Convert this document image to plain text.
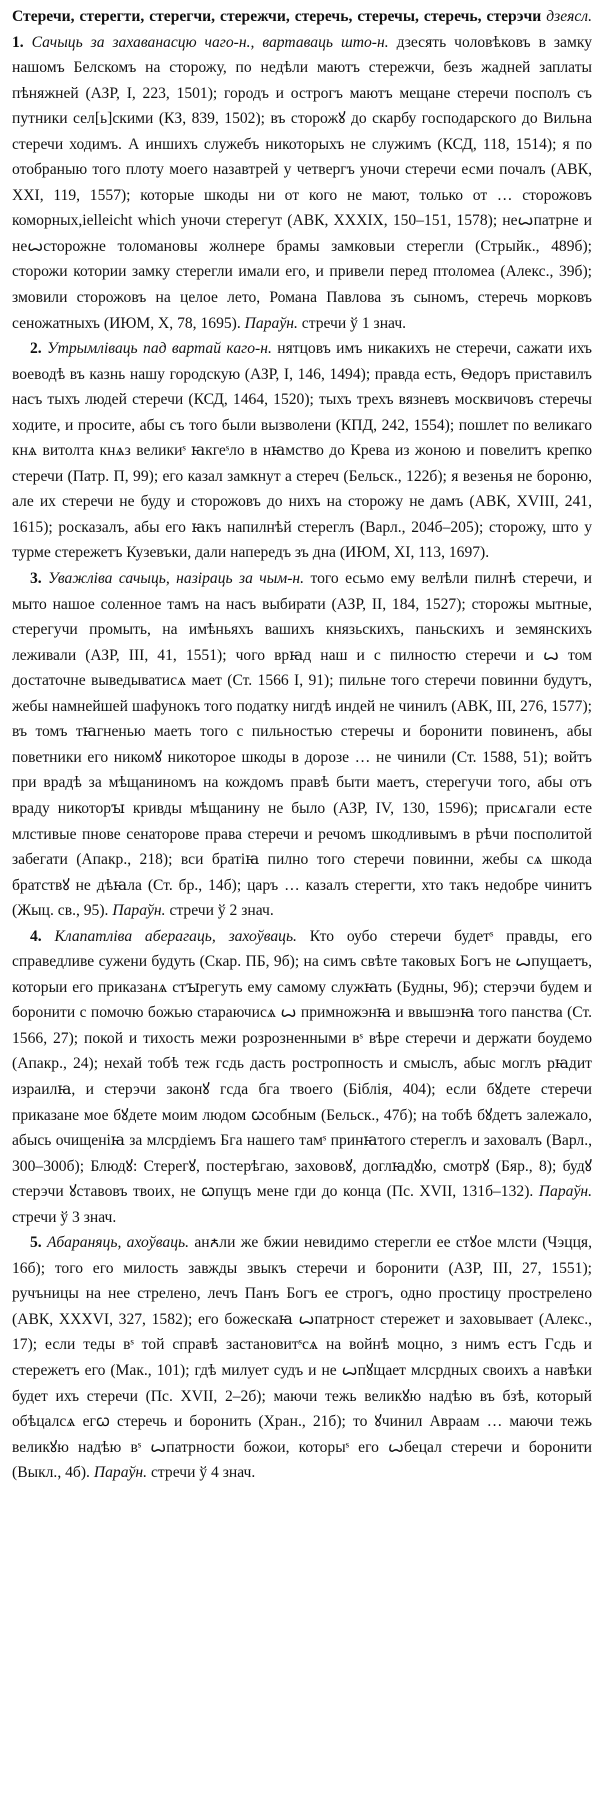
Стеречи, стерегти, стерегчи, стережчи, стеречь, стеречы, стеречь, стерэчи дзеясл. 1. Сачыць за захаванасцю чаго-н., вартаваць што-н. дзесять чоловѣковъ в замку нашомъ Белскомъ на сторожу, по недѣли маютъ стережчи, безъ жадней заплаты пѣняжней (АЗР, I, 223, 1501); городъ и острогъ маютъ мещане стеречи посполъ съ путники сел[ь]скими (КЗ, 839, 1502); въ сторожꙋ до скарбу господарского до Вильна стеречи ходимъ. А иншихъ служебъ никоторыхъ не служимъ (КСД, 118, 1514); я по отобраныю того плоту моего назавтрей у четвергъ уночи стеречи есми почалъ (АВК, XXI, 119, 1557); которые шкоды ни от кого не мают, только от … сторожовъ коморных,ielleicht which уночи стерегут (АВК, XXXIX, 150–151, 1578); неꙍпатрне и неꙍсторожне толомановы жолнере брамы замковыи стерегли (Стрыйк., 489б); сторожи котории замку стерегли имали его, и привели перед птоломеа (Алекс., 39б); змовили сторожовъ на целое лето, Романа Павлова зъ сыномъ, стеречь морковъ сеножатныхъ (ИЮМ, X, 78, 1695). Параўн. стречи ў 1 знач.

2. Утрымліваць пад вартай каго-н. нятцовъ имъ никакихъ не стеречи, сажати ихъ воеводѣ въ казнь нашу городскую (АЗР, I, 146, 1494); правда есть, Ѳедоръ приставилъ насъ тыхъ людей стеречи (КСД, 1464, 1520); тыхъ трехъ вязневъ москвичовъ стеречы ходите, и просите, абы съ того были вызволени (КПД, 242, 1554); пошлет по великаго кнѧ витолта кнѧз великиˢ ꙗкгеˢло в нꙗмство до Крева из жоною и повелитъ крепко стеречи (Патр. П, 99); его казал замкнут а стереч (Бельск., 122б); я везенья не бороню, але их стеречи не буду и сторожовъ до нихъ на сторожу не дамъ (АВК, XVIII, 241, 1615); росказалъ, абы его ꙗкъ напилнѣй стереглъ (Варл., 204б–205); сторожу, што у турме стережетъ Кузевъки, дали напередъ зъ дна (ИЮМ, XI, 113, 1697).

3. Уважліва сачыць, назіраць за чым-н. того есьмо ему велѣли пилнѣ стеречи, и мыто нашое соленное тамъ на насъ выбирати (АЗР, II, 184, 1527); сторожы мытные, стерегучи промыть, на имѣньяхъ вашихъ князьскихъ, паньскихъ и земянскихъ леживали (АЗР, III, 41, 1551); чого врꙗд наш и с пилностю стеречи и ꙍ том достаточне выведыватисѧ мает (Ст. 1566 I, 91); пильне того стеречи повинни будутъ, жебы намнейшей шафунокъ того податку нигдѣ индей не чинилъ (АВК, III, 276, 1577); въ томъ тꙗгненью маеть того с пильностью стеречы и боронити повиненъ, абы поветники его никомꙋ никоторое шкоды в дорозе … не чинили (Ст. 1588, 51); войтъ при врадѣ за мѣщаниномъ на кождомъ правѣ быти маетъ, стерегучи того, абы отъ враду никоторꙑ кривды мѣщанину не было (АЗР, IV, 130, 1596); присѧгали есте млстивые пнове сенаторове права стеречи и речомъ шкодливымъ в рѣчи посполитой забегати (Апакр., 218); вси братіꙗ пилно того стеречи повинни, жебы сѧ шкода братствꙋ не дѣꙗла (Ст. бр., 14б); царъ … казалъ стерегти, хто такъ недобре чинитъ (Жыц. св., 95). Параўн. стречи ў 2 знач.

4. Клапатліва аберагаць, захоўваць. Кто оубо стеречи будетˢ правды, его справедливе сужени будуть (Скар. ПБ, 9б); на симъ свѣте таковых Богъ не ꙍпущаетъ, которыи его приказанѧ стꙑрегуть ему самому служꙗть (Будны, 9б); стерэчи будем и боронити с помочю божью стараючисѧ ꙍ примножэнꙗ и ввышэнꙗ того панства (Ст. 1566, 27); покой и тихость межи розрозненными вˢ вѣре стеречи и держати боудемо (Апакр., 24); нехай тобѣ теж гсдь дасть ростропность и смыслъ, абыс моглъ рꙗдит израилꙗ, и стерэчи законꙋ гсда бга твоего (Біблія, 404); если бꙋдете стеречи приказане мое бꙋдете моим людом ꙍсобным (Бельск., 47б); на тобѣ бꙋдетъ залежало, абысь очищеніꙗ за млсрдіемъ Бга нашего тамˢ принꙗтого стереглъ и заховалъ (Варл., 300–300б); Блюдꙋ: Стерегꙋ, постерѣгаю, захововꙋ, доглꙗдꙋю, смотрꙋ (Бяр., 8); будꙋ стерэчи ꙋставовъ твоих, не ꙍпущъ мене гди до конца (Пс. XVII, 131б–132). Параўн. стречи ў 3 знач.

5. Абараняць, ахоўваць. анꙉли же бжии невидимо стерегли ее стꙋое млсти (Чэцця, 16б); того его милость завжды звыкъ стеречи и боронити (АЗР, III, 27, 1551); ручъницы на нее стрелено, лечъ Панъ Богъ ее строгъ, одно простицу прострелено (АВК, XXXVI, 327, 1582); его божескаꙗ ꙍпатрност стережет и заховывает (Алекс., 17); если теды вˢ той справѣ застановитˢсѧ на войнѣ моцно, з нимъ естъ Гсдь и стережетъ его (Мак., 101); гдѣ милует судъ и не ꙍпꙋщает млсрдных своихъ а навѣки будет ихъ стеречи (Пс. XVII, 2–2б); маючи тежь великꙋю надѣю въ бзѣ, который обѣцалсѧ егꙍ стеречь и боронить (Хран., 21б); то ꙋчинил Авраам … маючи тежь великꙋю надѣю вˢ ꙍпатрности божои, которыˢ его ꙍбецал стеречи и боронити (Выкл., 4б). Параўн. стречи ў 4 знач.
